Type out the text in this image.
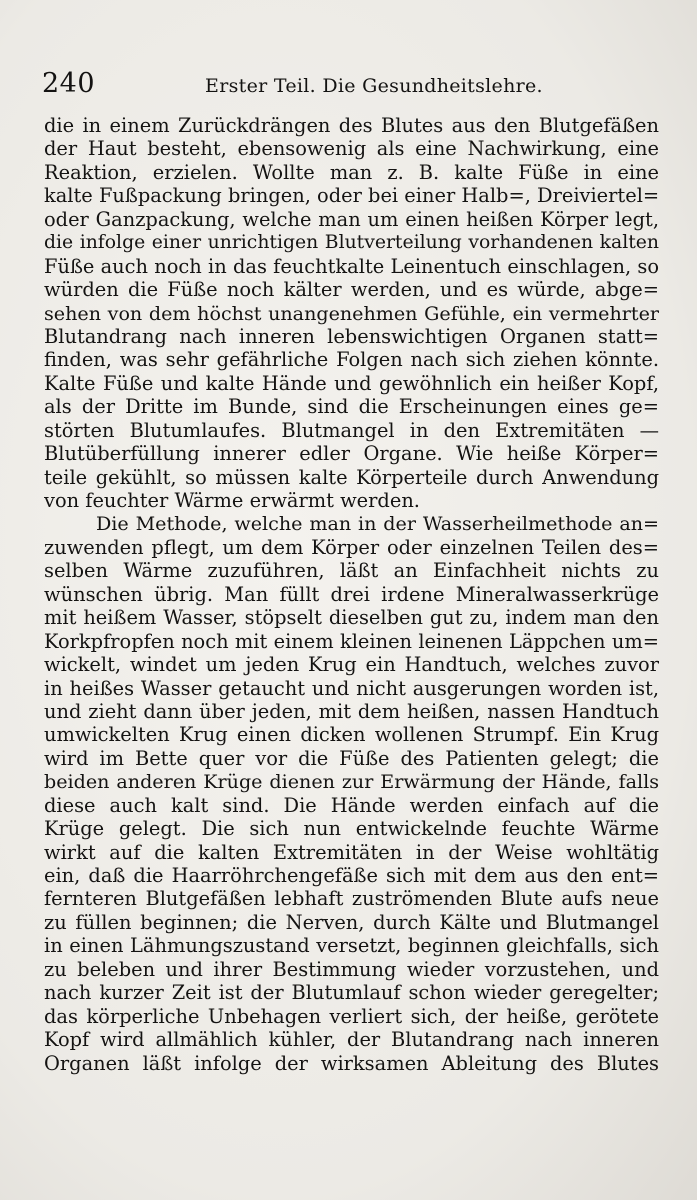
240	Erster Teil. Die Gesundheitslehre.
die in einem Zurückdrängen des Blutes aus den Blutgefäßen
der Haut besteht, ebensowenig als eine Nachwirkung, eine
Reaktion, erzielen. Wollte man z. B. kalte Füße in eine
kalte Fußpackung bringen, oder bei einer Halb=, Dreiviertel=
oder Ganzpackung, welche man um einen heißen Körper legt,
die infolge einer unrichtigen Blutverteilung vorhandenen kalten
Füße auch noch in das feuchtkalte Leinentuch einschlagen, so
würden die Füße noch kälter werden, und es würde, abge=
sehen von dem höchst unangenehmen Gefühle, ein vermehrter
Blutandrang nach inneren lebenswichtigen Organen statt=
finden, was sehr gefährliche Folgen nach sich ziehen könnte.
Kalte Füße und kalte Hände und gewöhnlich ein heißer Kopf,
als der Dritte im Bunde, sind die Erscheinungen eines ge=
störten Blutumlaufes. Blutmangel in den Extremitäten —
Blutüberfüllung innerer edler Organe. Wie heiße Körper=
teile gekühlt, so müssen kalte Körperteile durch Anwendung
von feuchter Wärme erwärmt werden.
Die Methode, welche man in der Wasserheilmethode an=
zuwenden pflegt, um dem Körper oder einzelnen Teilen des=
selben Wärme zuzuführen, läßt an Einfachheit nichts zu
wünschen übrig. Man füllt drei irdene Mineralwasserkrüge
mit heißem Wasser, stöpselt dieselben gut zu, indem man den
Korkpfropfen noch mit einem kleinen leinenen Läppchen um=
wickelt, windet um jeden Krug ein Handtuch, welches zuvor
in heißes Wasser getaucht und nicht ausgerungen worden ist,
und zieht dann über jeden, mit dem heißen, nassen Handtuch
umwickelten Krug einen dicken wollenen Strumpf. Ein Krug
wird im Bette quer vor die Füße des Patienten gelegt; die
beiden anderen Krüge dienen zur Erwärmung der Hände, falls
diese auch kalt sind. Die Hände werden einfach auf die
Krüge gelegt. Die sich nun entwickelnde feuchte Wärme
wirkt auf die kalten Extremitäten in der Weise wohltätig
ein, daß die Haarröhrchengefäße sich mit dem aus den ent=
fernteren Blutgefäßen lebhaft zuströmenden Blute aufs neue
zu füllen beginnen; die Nerven, durch Kälte und Blutmangel
in einen Lähmungszustand versetzt, beginnen gleichfalls, sich
zu beleben und ihrer Bestimmung wieder vorzustehen, und
nach kurzer Zeit ist der Blutumlauf schon wieder geregelter;
das körperliche Unbehagen verliert sich, der heiße, gerötete
Kopf wird allmählich kühler, der Blutandrang nach inneren
Organen läßt infolge der wirksamen Ableitung des Blutes
